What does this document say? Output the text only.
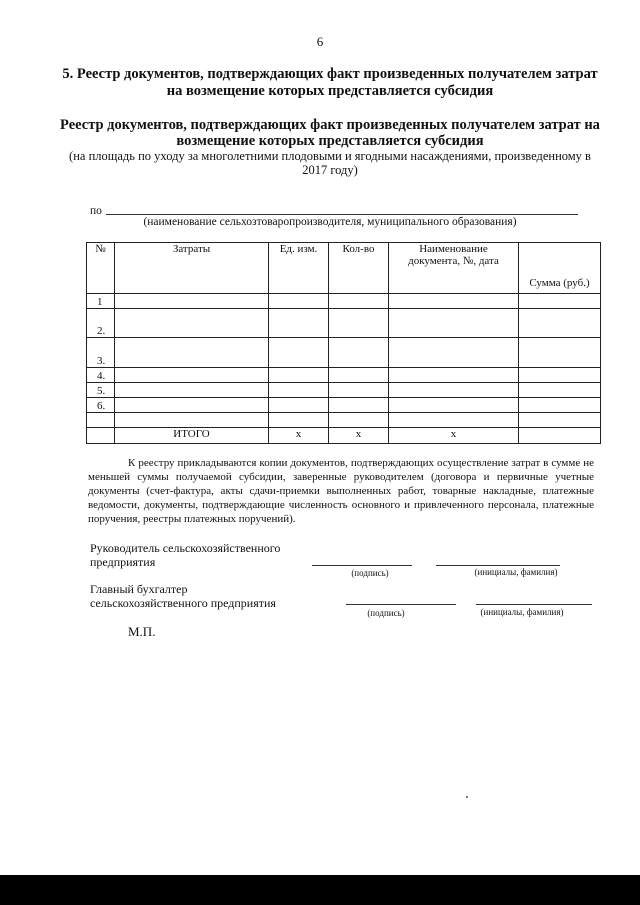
6
5. Реестр документов, подтверждающих факт произведенных получателем затрат на возмещение которых представляется субсидия
Реестр документов, подтверждающих факт произведенных получателем затрат на возмещение которых представляется субсидия
(на площадь по уходу за многолетними плодовыми и ягодными насаждениями, произведенному в 2017 году)
по
(наименование сельхозтоваропроизводителя, муниципального образования)
№	Затраты	Ед. изм.	Кол-во	Наименование документа, №, дата	Сумма (руб.)
1					
2.					
3.					
4.					
5.					
6.					

	ИТОГО	х	х	х	
К реестру прикладываются копии документов, подтверждающих осуществление затрат в сумме не меньшей суммы получаемой субсидии, заверенные руководителем (договора и первичные учетные документы (счет-фактура, акты сдачи-приемки выполненных работ, товарные накладные, платежные ведомости, документы, подтверждающие численность основного и привлеченного персонала, платежные поручения, реестры платежных поручений).
Руководитель сельскохозяйственного
предприятия
(подпись)	(инициалы, фамилия)
Главный бухгалтер
сельскохозяйственного предприятия
(подпись)	(инициалы, фамилия)
М.П.
